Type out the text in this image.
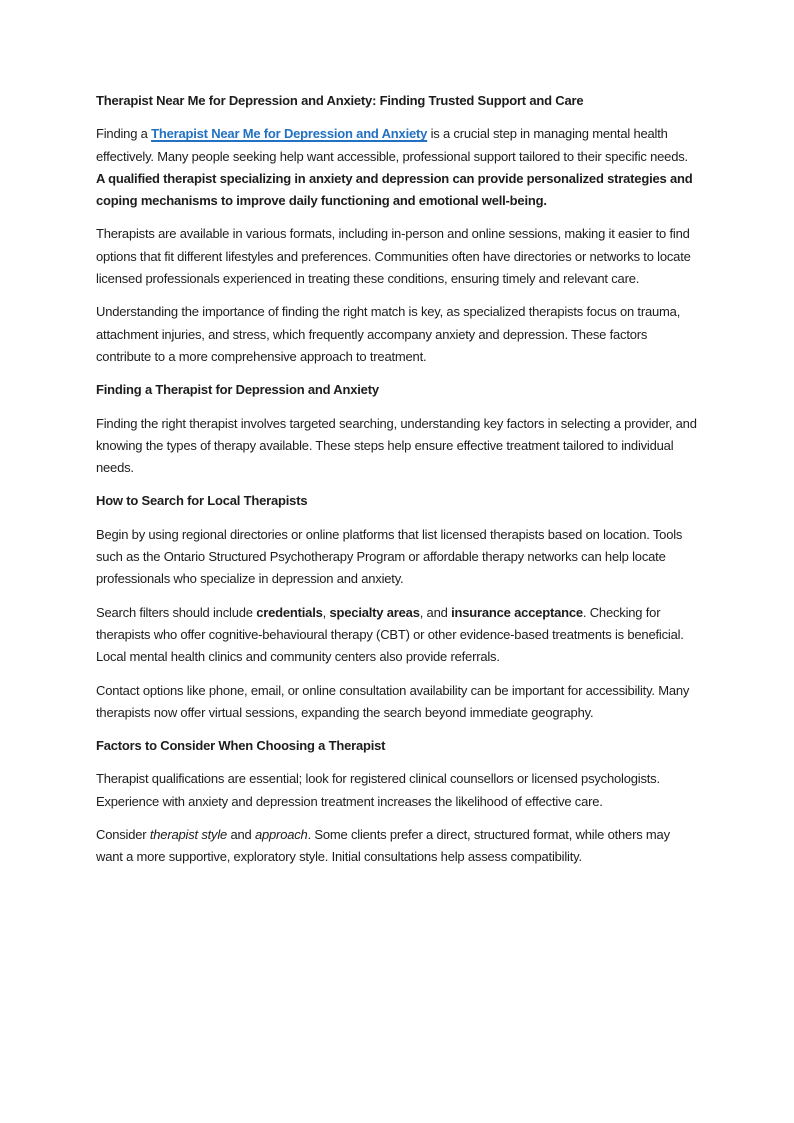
Therapist Near Me for Depression and Anxiety: Finding Trusted Support and Care

Finding a Therapist Near Me for Depression and Anxiety is a crucial step in managing mental health effectively. Many people seeking help want accessible, professional support tailored to their specific needs. A qualified therapist specializing in anxiety and depression can provide personalized strategies and coping mechanisms to improve daily functioning and emotional well-being.

Therapists are available in various formats, including in-person and online sessions, making it easier to find options that fit different lifestyles and preferences. Communities often have directories or networks to locate licensed professionals experienced in treating these conditions, ensuring timely and relevant care.

Understanding the importance of finding the right match is key, as specialized therapists focus on trauma, attachment injuries, and stress, which frequently accompany anxiety and depression. These factors contribute to a more comprehensive approach to treatment.

Finding a Therapist for Depression and Anxiety

Finding the right therapist involves targeted searching, understanding key factors in selecting a provider, and knowing the types of therapy available. These steps help ensure effective treatment tailored to individual needs.

How to Search for Local Therapists

Begin by using regional directories or online platforms that list licensed therapists based on location. Tools such as the Ontario Structured Psychotherapy Program or affordable therapy networks can help locate professionals who specialize in depression and anxiety.

Search filters should include credentials, specialty areas, and insurance acceptance. Checking for therapists who offer cognitive-behavioural therapy (CBT) or other evidence-based treatments is beneficial. Local mental health clinics and community centers also provide referrals.

Contact options like phone, email, or online consultation availability can be important for accessibility. Many therapists now offer virtual sessions, expanding the search beyond immediate geography.

Factors to Consider When Choosing a Therapist

Therapist qualifications are essential; look for registered clinical counsellors or licensed psychologists. Experience with anxiety and depression treatment increases the likelihood of effective care.

Consider therapist style and approach. Some clients prefer a direct, structured format, while others may want a more supportive, exploratory style. Initial consultations help assess compatibility.
